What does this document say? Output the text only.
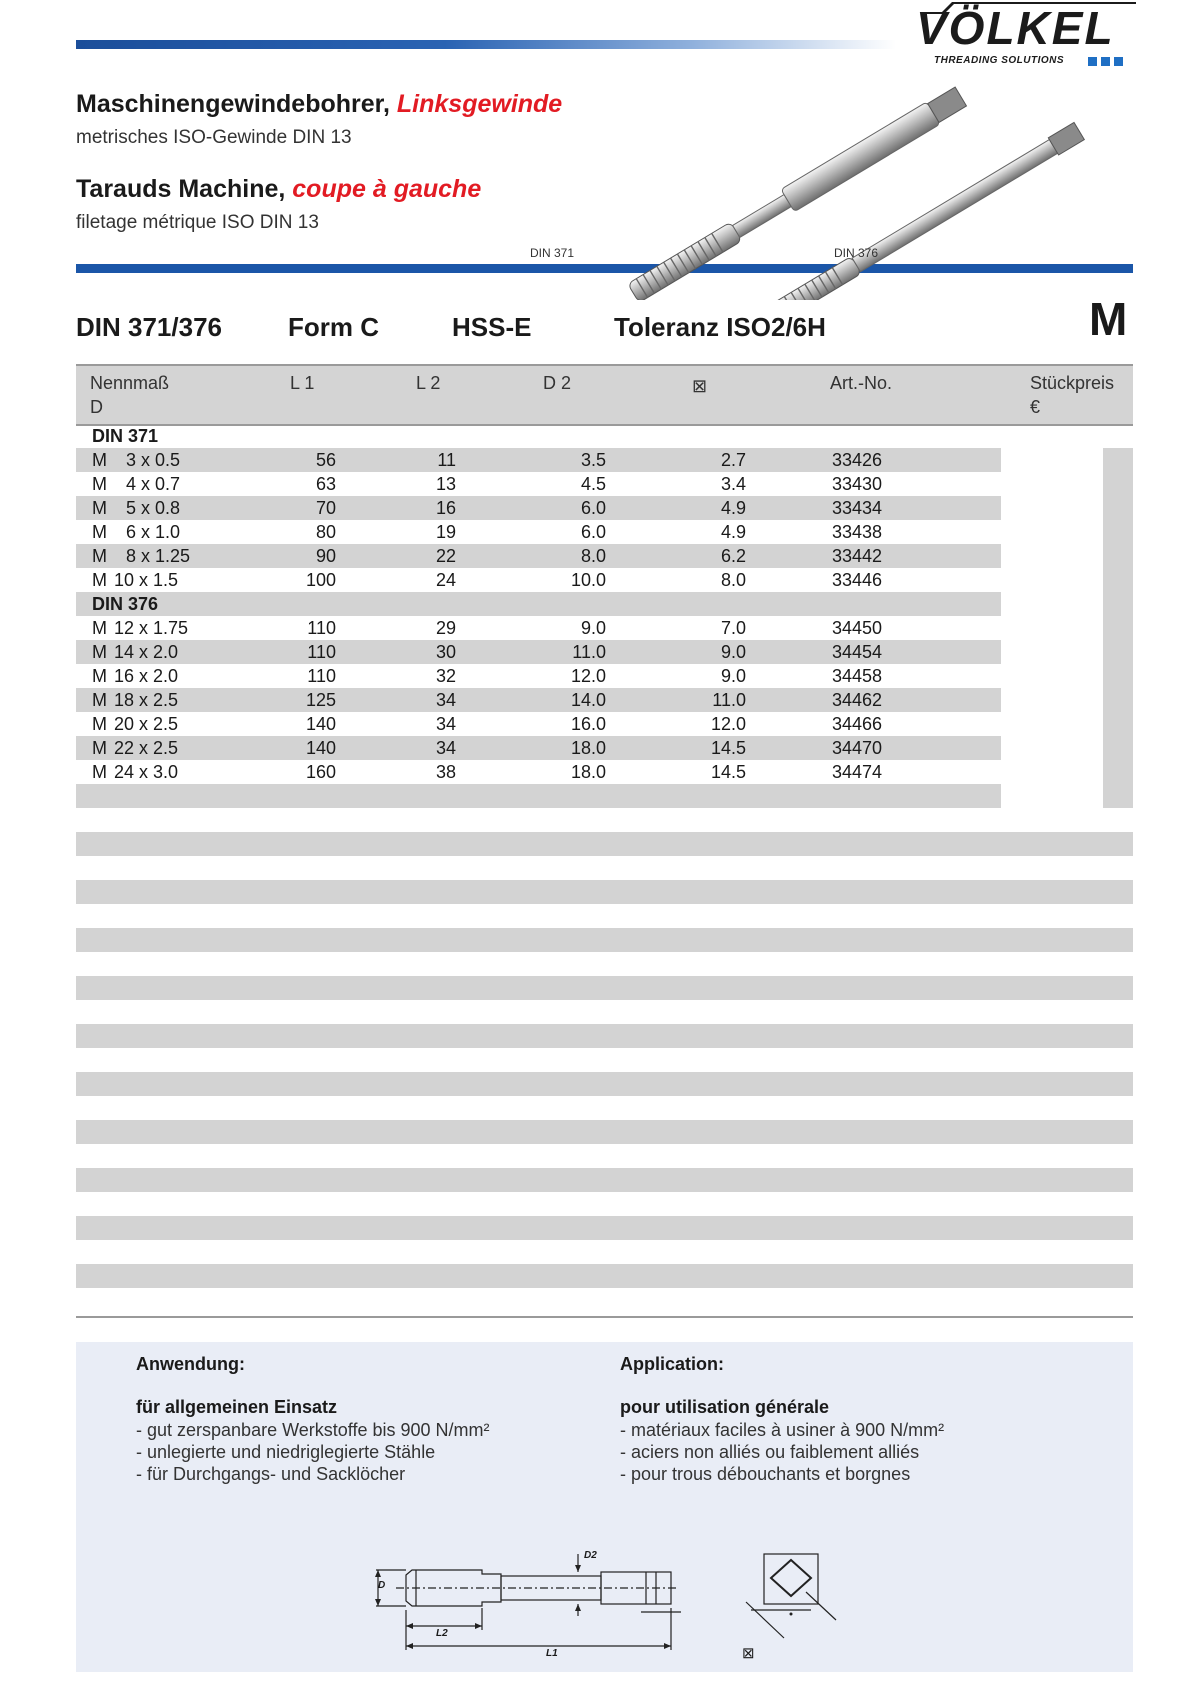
VÖLKEL
THREADING SOLUTIONS
Maschinengewindebohrer, Linksgewinde
metrisches ISO-Gewinde DIN 13
Tarauds Machine, coupe à gauche
filetage métrique ISO DIN 13
DIN 371	DIN 376
DIN 371/376	Form C	HSS-E	Toleranz ISO2/6H	M
Nennmaß
D
L 1	L 2	D 2	⊠	Art.-No.	Stückpreis
€
DIN 371
M 3 x 0.5	56	11	3.5	2.7	33426
M 4 x 0.7	63	13	4.5	3.4	33430
M 5 x 0.8	70	16	6.0	4.9	33434
M 6 x 1.0	80	19	6.0	4.9	33438
M 8 x 1.25	90	22	8.0	6.2	33442
M 10 x 1.5	100	24	10.0	8.0	33446
DIN 376
M 12 x 1.75	110	29	9.0	7.0	34450
M 14 x 2.0	110	30	11.0	9.0	34454
M 16 x 2.0	110	32	12.0	9.0	34458
M 18 x 2.5	125	34	14.0	11.0	34462
M 20 x 2.5	140	34	16.0	12.0	34466
M 22 x 2.5	140	34	18.0	14.5	34470
M 24 x 3.0	160	38	18.0	14.5	34474
Anwendung:	Application:
für allgemeinen Einsatz
- gut zerspanbare Werkstoffe bis 900 N/mm²
- unlegierte und niedriglegierte Stähle
- für Durchgangs- und Sacklöcher
pour utilisation générale
- matériaux faciles à usiner à 900 N/mm²
- aciers non alliés ou faiblement alliés
- pour trous débouchants et borgnes
D
D2
L2
L1	⊠
